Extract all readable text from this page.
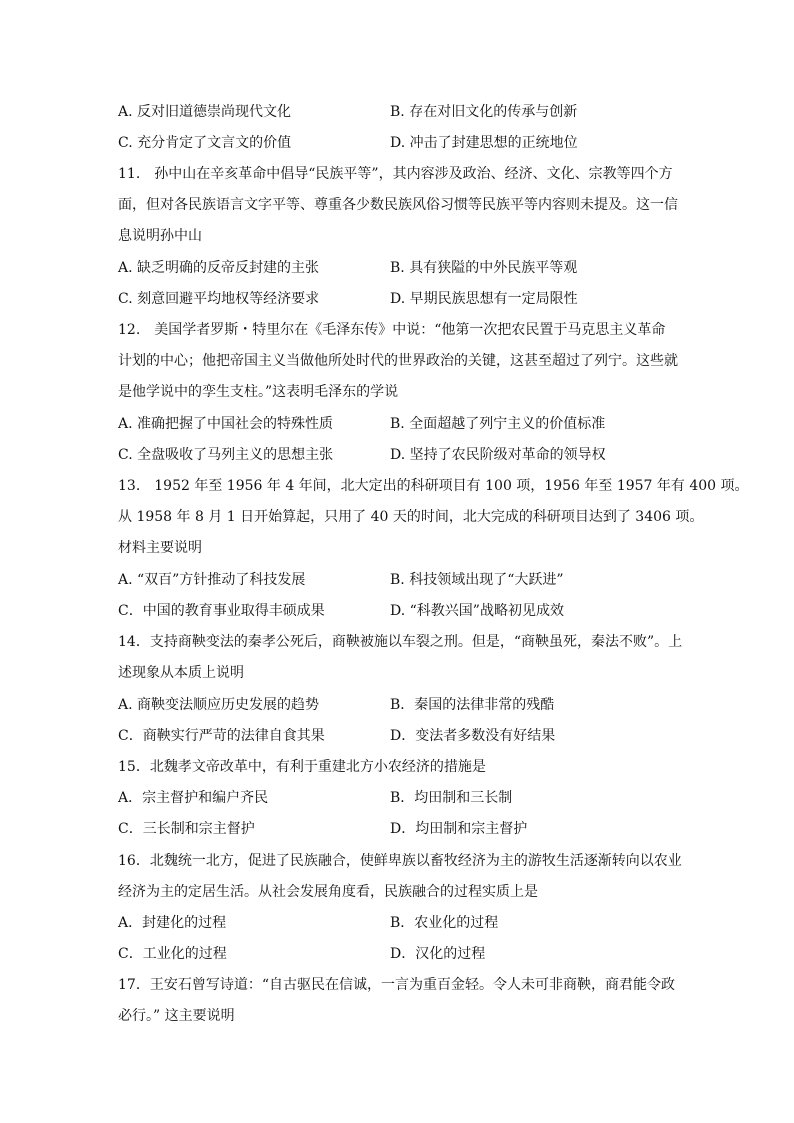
A. 反对旧道德崇尚现代文化	B. 存在对旧文化的传承与创新
C. 充分肯定了文言文的价值	D. 冲击了封建思想的正统地位
11.　孙中山在辛亥革命中倡导“民族平等”，其内容涉及政治、经济、文化、宗教等四个方
面，但对各民族语言文字平等、尊重各少数民族风俗习惯等民族平等内容则未提及。这一信
息说明孙中山
A. 缺乏明确的反帝反封建的主张	B. 具有狭隘的中外民族平等观
C. 刻意回避平均地权等经济要求	D. 早期民族思想有一定局限性
12.　美国学者罗斯・特里尔在《毛泽东传》中说：“他第一次把农民置于马克思主义革命
计划的中心；他把帝国主义当做他所处时代的世界政治的关键，这甚至超过了列宁。这些就
是他学说中的孪生支柱。”这表明毛泽东的学说
A. 准确把握了中国社会的特殊性质	B. 全面超越了列宁主义的价值标准
C. 全盘吸收了马列主义的思想主张	D. 坚持了农民阶级对革命的领导权
13.　1952 年至 1956 年 4 年间，北大定出的科研项目有 100 项，1956 年至 1957 年有 400 项。
从 1958 年 8 月 1 日开始算起，只用了 40 天的时间，北大完成的科研项目达到了 3406 项。
材料主要说明
A. “双百”方针推动了科技发展	B. 科技领域出现了“大跃进”
C．中国的教育事业取得丰硕成果	D. “科教兴国”战略初见成效
14．支持商鞅变法的秦孝公死后，商鞅被施以车裂之刑。但是，“商鞅虽死，秦法不败”。上
述现象从本质上说明
A. 商鞅变法顺应历史发展的趋势	B．秦国的法律非常的残酷
C．商鞅实行严苛的法律自食其果	D．变法者多数没有好结果
15．北魏孝文帝改革中，有利于重建北方小农经济的措施是
A．宗主督护和编户齐民	B．均田制和三长制
C．三长制和宗主督护	D．均田制和宗主督护
16．北魏统一北方，促进了民族融合，使鲜卑族以畜牧经济为主的游牧生活逐渐转向以农业
经济为主的定居生活。从社会发展角度看，民族融合的过程实质上是
A．封建化的过程	B．农业化的过程
C．工业化的过程	D．汉化的过程
17．王安石曾写诗道：“自古驱民在信诚，一言为重百金轻。令人未可非商鞅，商君能令政
必行。” 这主要说明
